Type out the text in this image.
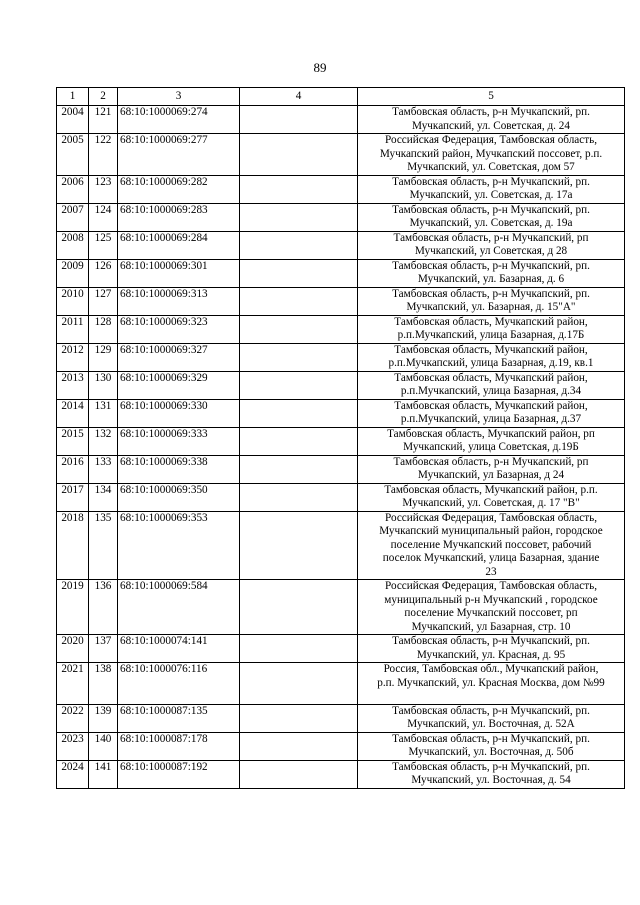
89
1	2	3	4	5
2004	121	68:10:1000069:274		Тамбовская область, р-н Мучкапский, рп.
Мучкапский, ул. Советская, д. 24

2005	122	68:10:1000069:277		Российская Федерация, Тамбовская область,
Мучкапский район, Мучкапский поссовет, р.п.
Мучкапский, ул. Советская, дом 57

2006	123	68:10:1000069:282		Тамбовская область, р-н Мучкапский, рп.
Мучкапский, ул. Советская, д. 17а

2007	124	68:10:1000069:283		Тамбовская область, р-н Мучкапский, рп.
Мучкапский, ул. Советская, д. 19а

2008	125	68:10:1000069:284		Тамбовская область, р-н Мучкапский, рп
Мучкапский, ул Советская, д 28

2009	126	68:10:1000069:301		Тамбовская область, р-н Мучкапский, рп.
Мучкапский, ул. Базарная, д. 6

2010	127	68:10:1000069:313		Тамбовская область, р-н Мучкапский, рп.
Мучкапский, ул. Базарная, д. 15"А"

2011	128	68:10:1000069:323		Тамбовская область, Мучкапский район,
р.п.Мучкапский, улица Базарная, д.17Б

2012	129	68:10:1000069:327		Тамбовская область, Мучкапский район,
р.п.Мучкапский, улица Базарная, д.19, кв.1

2013	130	68:10:1000069:329		Тамбовская область, Мучкапский район,
р.п.Мучкапский, улица Базарная, д.34

2014	131	68:10:1000069:330		Тамбовская область, Мучкапский район,
р.п.Мучкапский, улица Базарная, д.37

2015	132	68:10:1000069:333		Тамбовская область, Мучкапский район, рп
Мучкапский, улица Советская, д.19Б

2016	133	68:10:1000069:338		Тамбовская область, р-н Мучкапский, рп
Мучкапский, ул Базарная, д 24

2017	134	68:10:1000069:350		Тамбовская область, Мучкапский район, р.п.
Мучкапский, ул. Советская, д. 17 "В"

2018	135	68:10:1000069:353		Российская Федерация, Тамбовская область,
Мучкапский муниципальный район, городское
поселение Мучкапский поссовет, рабочий
поселок Мучкапский, улица Базарная, здание
23

2019	136	68:10:1000069:584		Российская Федерация, Тамбовская область,
муниципальный р-н Мучкапский , городское
поселение Мучкапский поссовет, рп
Мучкапский, ул Базарная, стр. 10

2020	137	68:10:1000074:141		Тамбовская область, р-н Мучкапский, рп.
Мучкапский, ул. Красная, д. 95

2021	138	68:10:1000076:116		Россия, Тамбовская обл., Мучкапский район,
р.п. Мучкапский, ул. Красная Москва, дом №99

2022	139	68:10:1000087:135		Тамбовская область, р-н Мучкапский, рп.
Мучкапский, ул. Восточная, д. 52А

2023	140	68:10:1000087:178		Тамбовская область, р-н Мучкапский, рп.
Мучкапский, ул. Восточная, д. 50б

2024	141	68:10:1000087:192		Тамбовская область, р-н Мучкапский, рп.
Мучкапский, ул. Восточная, д. 54
